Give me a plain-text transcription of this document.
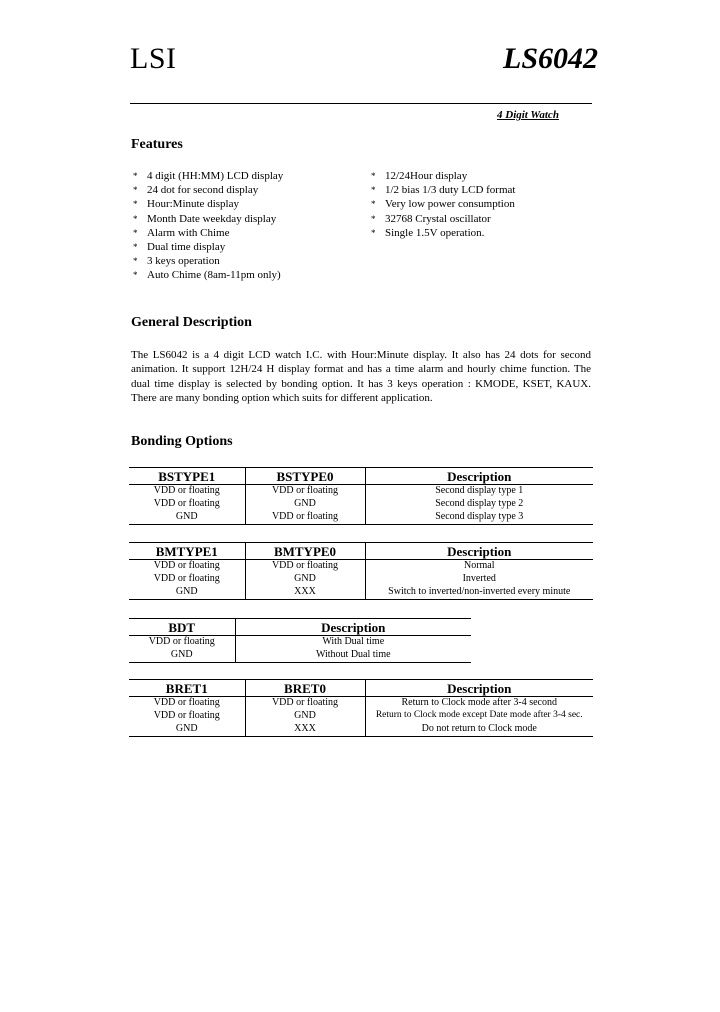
LSI	LS6042
4 Digit Watch
Features
* 4 digit (HH:MM) LCD display
* 24 dot for second display
* Hour:Minute display
* Month Date weekday display
* Alarm with Chime
* Dual time display
* 3 keys operation
* Auto Chime (8am-11pm only)
* 12/24Hour display
* 1/2 bias 1/3 duty LCD format
* Very low power consumption
* 32768 Crystal oscillator
* Single 1.5V operation.
General Description
The LS6042 is a 4 digit LCD watch I.C. with Hour:Minute display. It also has 24 dots for second animation. It support 12H/24 H display format and has a time alarm and hourly chime function. The dual time display is selected by bonding option. It has 3 keys operation : KMODE, KSET, KAUX. There are many bonding option which suits for different application.
Bonding Options
BSTYPE1	BSTYPE0	Description
VDD or floating	VDD or floating	Second display type 1
VDD or floating	GND	Second display type 2
GND	VDD or floating	Second display type 3
BMTYPE1	BMTYPE0	Description
VDD or floating	VDD or floating	Normal
VDD or floating	GND	Inverted
GND	XXX	Switch to inverted/non-inverted every minute
BDT	Description
VDD or floating	With Dual time
GND	Without Dual time
BRET1	BRET0	Description
VDD or floating	VDD or floating	Return to Clock mode after 3-4 second
VDD or floating	GND	Return to Clock mode except Date mode after 3-4 sec.
GND	XXX	Do not return to Clock mode
